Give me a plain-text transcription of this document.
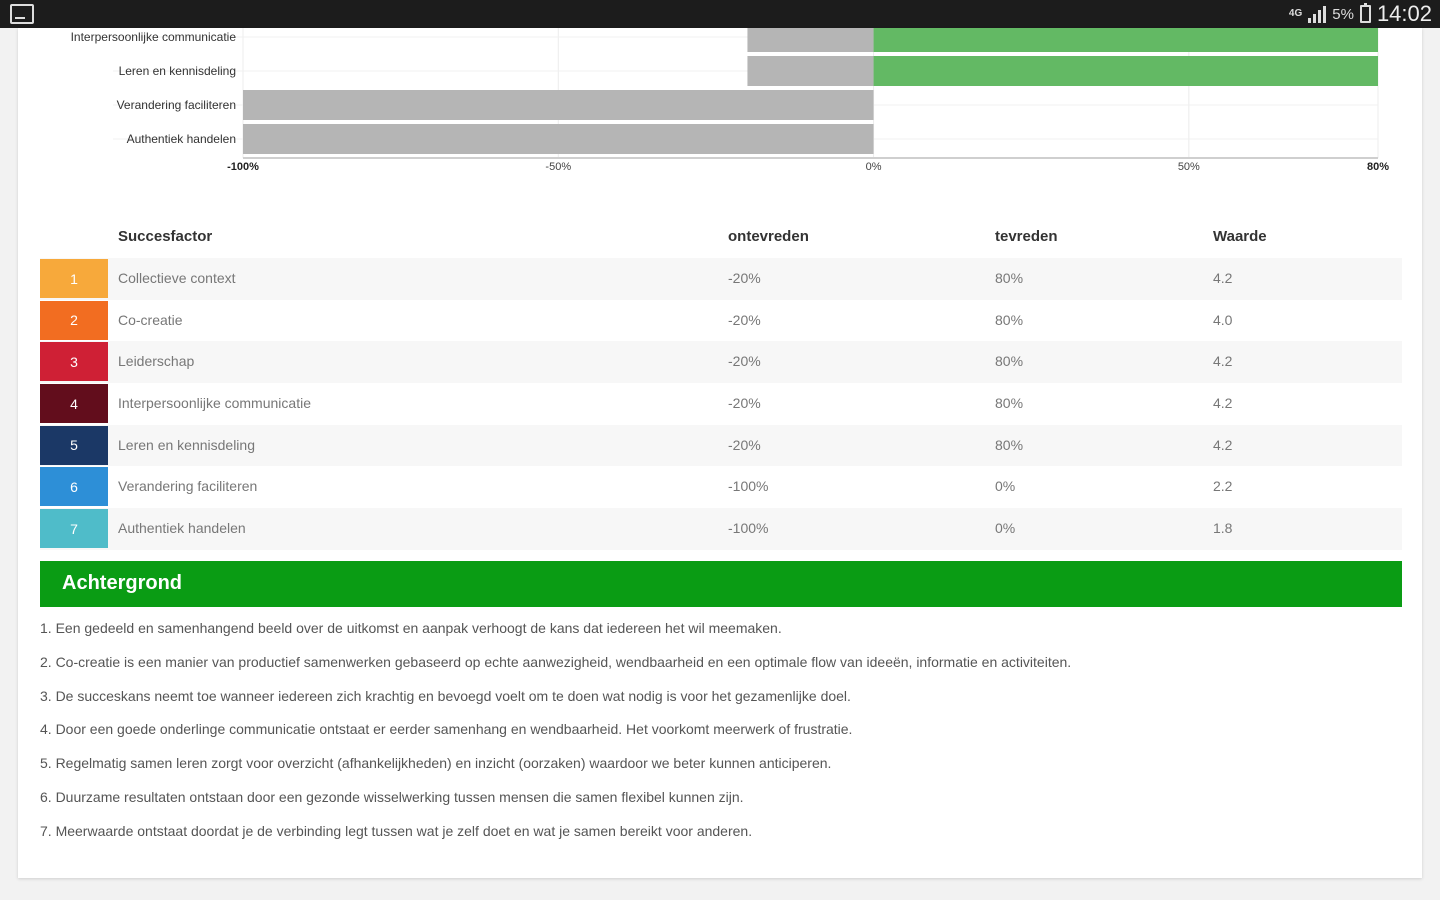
4G 5% 14:02
Interpersoonlijke communicatie
Leren en kennisdeling
Verandering faciliteren
Authentiek handelen
-100%	-50%	0%	50%	80%
Succesfactor	ontevreden	tevreden	Waarde
1	Collectieve context	-20%	80%	4.2
2	Co-creatie	-20%	80%	4.0
3	Leiderschap	-20%	80%	4.2
4	Interpersoonlijke communicatie	-20%	80%	4.2
5	Leren en kennisdeling	-20%	80%	4.2
6	Verandering faciliteren	-100%	0%	2.2
7	Authentiek handelen	-100%	0%	1.8
Achtergrond
1. Een gedeeld en samenhangend beeld over de uitkomst en aanpak verhoogt de kans dat iedereen het wil meemaken.
2. Co-creatie is een manier van productief samenwerken gebaseerd op echte aanwezigheid, wendbaarheid en een optimale flow van ideeën, informatie en activiteiten.
3. De succeskans neemt toe wanneer iedereen zich krachtig en bevoegd voelt om te doen wat nodig is voor het gezamenlijke doel.
4. Door een goede onderlinge communicatie ontstaat er eerder samenhang en wendbaarheid. Het voorkomt meerwerk of frustratie.
5. Regelmatig samen leren zorgt voor overzicht (afhankelijkheden) en inzicht (oorzaken) waardoor we beter kunnen anticiperen.
6. Duurzame resultaten ontstaan door een gezonde wisselwerking tussen mensen die samen flexibel kunnen zijn.
7. Meerwaarde ontstaat doordat je de verbinding legt tussen wat je zelf doet en wat je samen bereikt voor anderen.
